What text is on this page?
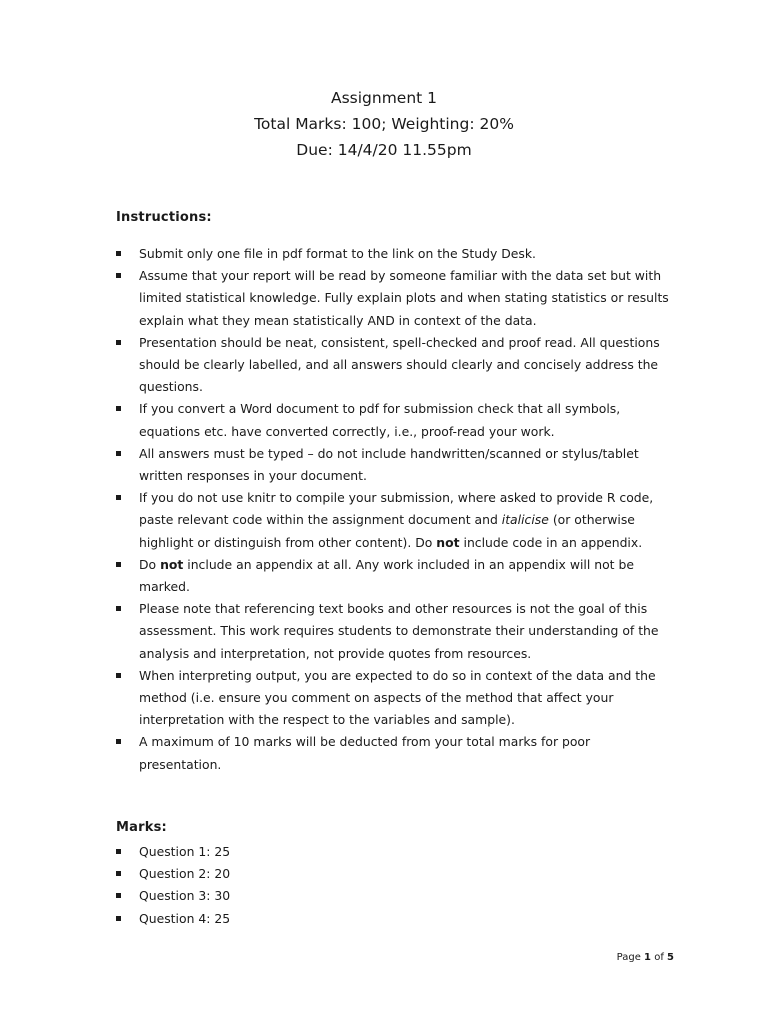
Assignment 1
Total Marks: 100; Weighting: 20%
Due: 14/4/20 11.55pm
Instructions:
Submit only one file in pdf format to the link on the Study Desk.
Assume that your report will be read by someone familiar with the data set but with limited statistical knowledge. Fully explain plots and when stating statistics or results explain what they mean statistically AND in context of the data.
Presentation should be neat, consistent, spell-checked and proof read. All questions should be clearly labelled, and all answers should clearly and concisely address the questions.
If you convert a Word document to pdf for submission check that all symbols, equations etc. have converted correctly, i.e., proof-read your work.
All answers must be typed – do not include handwritten/scanned or stylus/tablet written responses in your document.
If you do not use knitr to compile your submission, where asked to provide R code, paste relevant code within the assignment document and italicise (or otherwise highlight or distinguish from other content). Do not include code in an appendix.
Do not include an appendix at all. Any work included in an appendix will not be marked.
Please note that referencing text books and other resources is not the goal of this assessment. This work requires students to demonstrate their understanding of the analysis and interpretation, not provide quotes from resources.
When interpreting output, you are expected to do so in context of the data and the method (i.e. ensure you comment on aspects of the method that affect your interpretation with the respect to the variables and sample).
A maximum of 10 marks will be deducted from your total marks for poor presentation.
Marks:
Question 1: 25
Question 2: 20
Question 3: 30
Question 4: 25
Page 1 of 5
